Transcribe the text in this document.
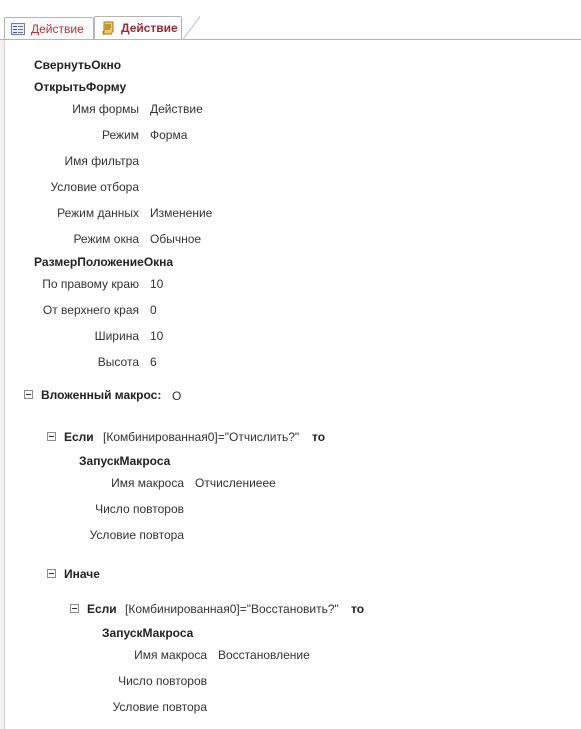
Действие	Действие
СвернутьОкно
ОткрытьФорму
Имя формы Действие
Режим Форма
Имя фильтра
Условие отбора
Режим данных Изменение
Режим окна Обычное
РазмерПоложениеОкна
По правому краю 10
От верхнего края 0
Ширина 10
Высота 6
Вложенный макрос: О
Если [Комбинированная0]="Отчислить?" то
ЗапускМакроса
Имя макроса Отчислениеее
Число повторов
Условие повтора
Иначе
Если [Комбинированная0]="Восстановить?" то
ЗапускМакроса
Имя макроса Восстановление
Число повторов
Условие повтора
